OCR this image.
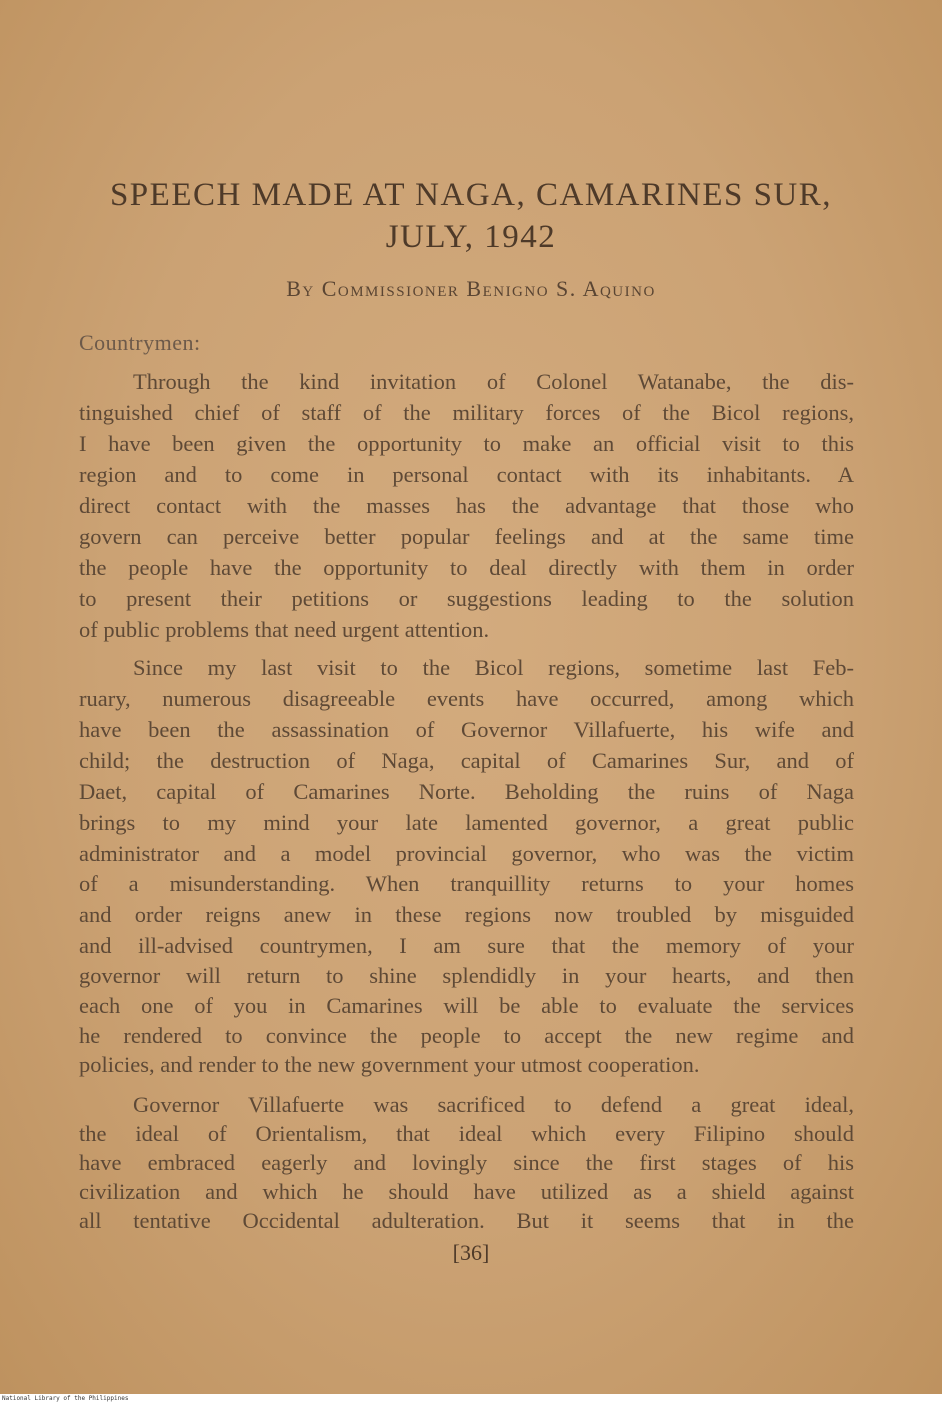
SPEECH MADE AT NAGA, CAMARINES SUR,
JULY, 1942
By Commissioner Benigno S. Aquino
Countrymen:
Through the kind invitation of Colonel Watanabe, the dis-
tinguished chief of staff of the military forces of the Bicol regions,
I have been given the opportunity to make an official visit to this
region and to come in personal contact with its inhabitants. A
direct contact with the masses has the advantage that those who
govern can perceive better popular feelings and at the same time
the people have the opportunity to deal directly with them in order
to present their petitions or suggestions leading to the solution
of public problems that need urgent attention.
Since my last visit to the Bicol regions, sometime last Feb-
ruary, numerous disagreeable events have occurred, among which
have been the assassination of Governor Villafuerte, his wife and
child; the destruction of Naga, capital of Camarines Sur, and of
Daet, capital of Camarines Norte. Beholding the ruins of Naga
brings to my mind your late lamented governor, a great public
administrator and a model provincial governor, who was the victim
of a misunderstanding. When tranquillity returns to your homes
and order reigns anew in these regions now troubled by misguided
and ill-advised countrymen, I am sure that the memory of your
governor will return to shine splendidly in your hearts, and then
each one of you in Camarines will be able to evaluate the services
he rendered to convince the people to accept the new regime and
policies, and render to the new government your utmost cooperation.
Governor Villafuerte was sacrificed to defend a great ideal,
the ideal of Orientalism, that ideal which every Filipino should
have embraced eagerly and lovingly since the first stages of his
civilization and which he should have utilized as a shield against
all tentative Occidental adulteration. But it seems that in the
[36]
National Library of the Philippines
